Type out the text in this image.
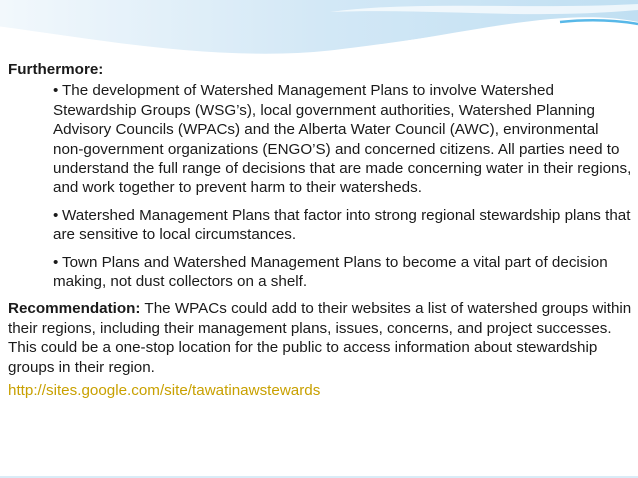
Furthermore:
• The development of Watershed Management Plans to involve Watershed Stewardship Groups (WSG’s), local government authorities, Watershed Planning Advisory Councils (WPACs) and the Alberta Water Council (AWC), environmental non-government organizations (ENGO’S) and concerned citizens. All parties need to understand the full range of decisions that are made concerning water in their regions, and work together to prevent harm to their watersheds.
• Watershed Management Plans that factor into strong regional stewardship plans that are sensitive to local circumstances.
• Town Plans and Watershed Management Plans to become a vital part of decision making, not dust collectors on a shelf.
Recommendation: The WPACs could add to their websites a list of watershed groups within their regions, including their management plans, issues, concerns, and project successes. This could be a one-stop location for the public to access information about stewardship groups in their region.
http://sites.google.com/site/tawatinawstewards
